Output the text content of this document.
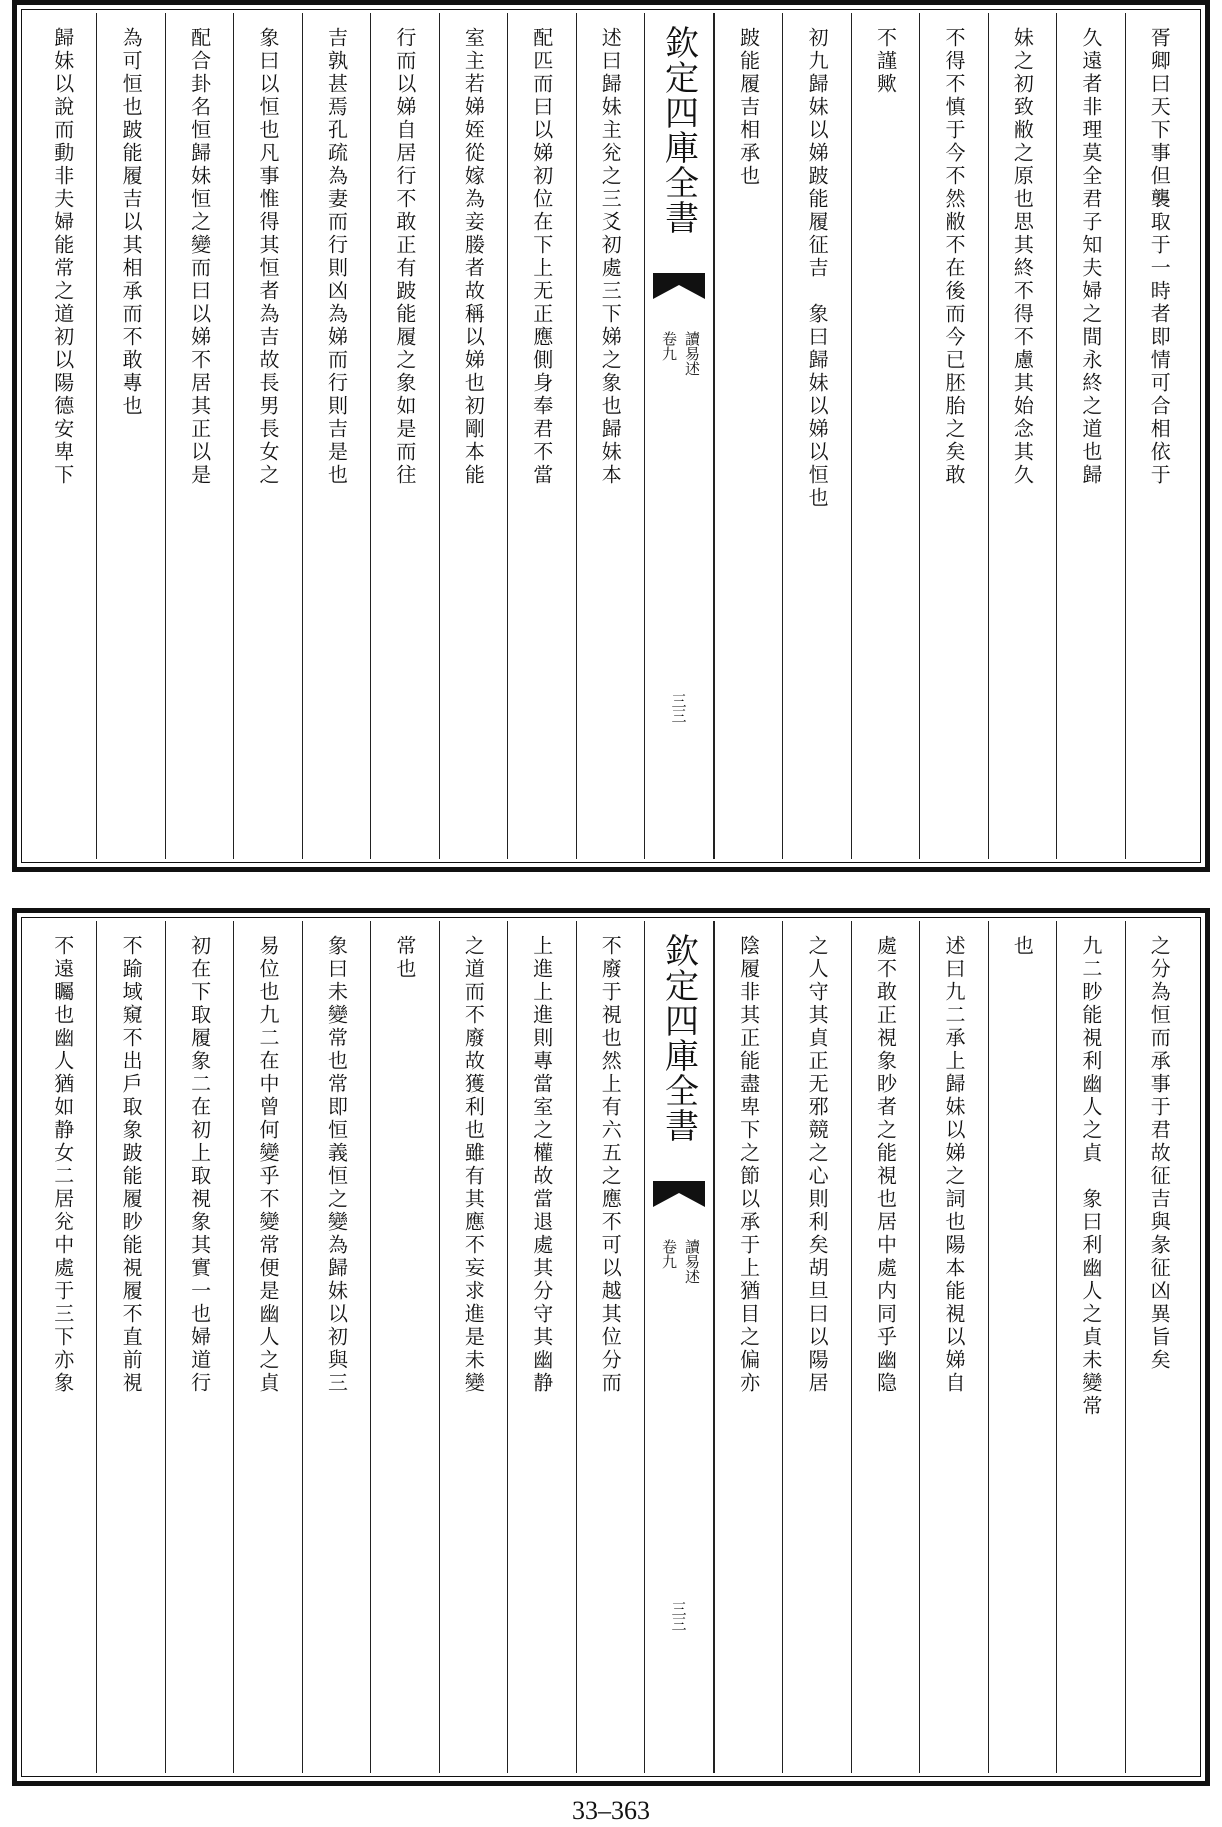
胥卿曰天下事但襲取于一時者即情可合相依于
久遠者非理莫全君子知夫婦之間永終之道也歸
妹之初致敝之原也思其終不得不慮其始念其久
不得不慎于今不然敝不在後而今已胚胎之矣敢
不謹歟
初九歸妹以娣跛能履征吉　象曰歸妹以娣以恒也
跛能履吉相承也
欽定四庫全書
讀易述
卷九
三三
述曰歸妹主兊之三爻初處三下娣之象也歸妹本
配匹而曰以娣初位在下上无正應側身奉君不當
室主若娣姪從嫁為妾媵者故稱以娣也初剛本能
行而以娣自居行不敢正有跛能履之象如是而往
吉孰甚焉孔疏為妻而行則凶為娣而行則吉是也
象曰以恒也凡事惟得其恒者為吉故長男長女之
配合卦名恒歸妹恒之變而曰以娣不居其正以是
為可恒也跛能履吉以其相承而不敢專也
歸妹以說而動非夫婦能常之道初以陽德安卑下
之分為恒而承事于君故征吉與彖征凶異旨矣
九二眇能視利幽人之貞　象曰利幽人之貞未變常
也
述曰九二承上歸妹以娣之詞也陽本能視以娣自
處不敢正視象眇者之能視也居中處内同乎幽隐
之人守其貞正无邪競之心則利矣胡旦曰以陽居
陰履非其正能盡卑下之節以承于上猶目之偏亦
欽定四庫全書
讀易述
卷九
三三
不廢于視也然上有六五之應不可以越其位分而
上進上進則專當室之權故當退處其分守其幽静
之道而不廢故獲利也雖有其應不妄求進是未變
常也
象曰未變常也常即恒義恒之變為歸妹以初與三
易位也九二在中曾何變乎不變常便是幽人之貞
初在下取履象二在初上取視象其實一也婦道行
不踰域窺不出戶取象跛能履眇能視履不直前視
不遠矚也幽人猶如静女二居兊中處于三下亦象
33–363
